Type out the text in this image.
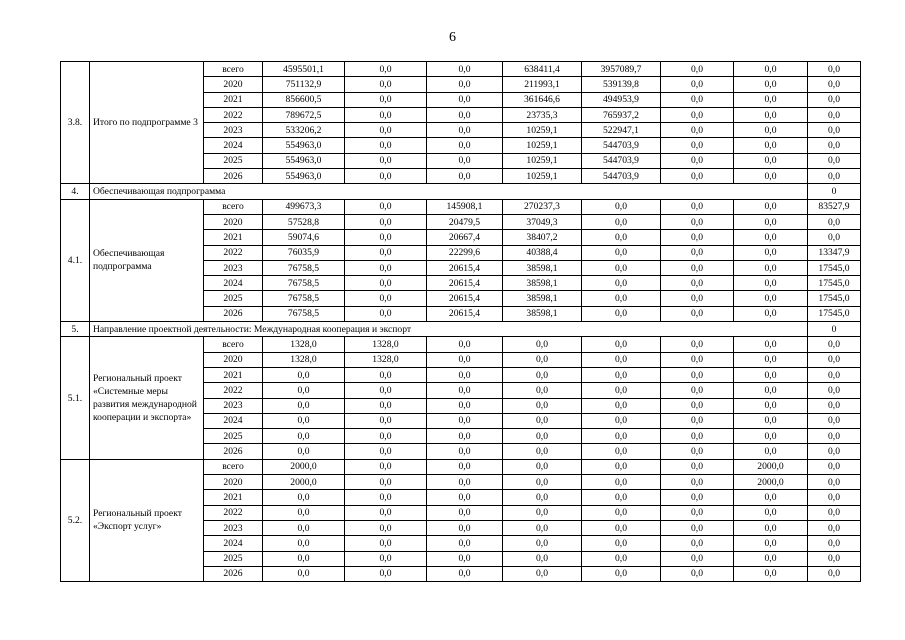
6
3.8.	Итого по подпрограмме 3	всего	4595501,1	0,0	0,0	638411,4	3957089,7	0,0	0,0	0,0
		2020	751132,9	0,0	0,0	211993,1	539139,8	0,0	0,0	0,0
		2021	856600,5	0,0	0,0	361646,6	494953,9	0,0	0,0	0,0
		2022	789672,5	0,0	0,0	23735,3	765937,2	0,0	0,0	0,0
		2023	533206,2	0,0	0,0	10259,1	522947,1	0,0	0,0	0,0
		2024	554963,0	0,0	0,0	10259,1	544703,9	0,0	0,0	0,0
		2025	554963,0	0,0	0,0	10259,1	544703,9	0,0	0,0	0,0
		2026	554963,0	0,0	0,0	10259,1	544703,9	0,0	0,0	0,0
4.	Обеспечивающая подпрограмма									0
4.1.	Обеспечивающая подпрограмма	всего	499673,3	0,0	145908,1	270237,3	0,0	0,0	0,0	83527,9
		2020	57528,8	0,0	20479,5	37049,3	0,0	0,0	0,0	0,0
		2021	59074,6	0,0	20667,4	38407,2	0,0	0,0	0,0	0,0
		2022	76035,9	0,0	22299,6	40388,4	0,0	0,0	0,0	13347,9
		2023	76758,5	0,0	20615,4	38598,1	0,0	0,0	0,0	17545,0
		2024	76758,5	0,0	20615,4	38598,1	0,0	0,0	0,0	17545,0
		2025	76758,5	0,0	20615,4	38598,1	0,0	0,0	0,0	17545,0
		2026	76758,5	0,0	20615,4	38598,1	0,0	0,0	0,0	17545,0
5.	Направление проектной деятельности: Международная кооперация и экспорт									0
5.1.	Региональный проект «Системные меры развития международной кооперации и экспорта»	всего	1328,0	1328,0	0,0	0,0	0,0	0,0	0,0	0,0
		2020	1328,0	1328,0	0,0	0,0	0,0	0,0	0,0	0,0
		2021	0,0	0,0	0,0	0,0	0,0	0,0	0,0	0,0
		2022	0,0	0,0	0,0	0,0	0,0	0,0	0,0	0,0
		2023	0,0	0,0	0,0	0,0	0,0	0,0	0,0	0,0
		2024	0,0	0,0	0,0	0,0	0,0	0,0	0,0	0,0
		2025	0,0	0,0	0,0	0,0	0,0	0,0	0,0	0,0
		2026	0,0	0,0	0,0	0,0	0,0	0,0	0,0	0,0
5.2.	Региональный проект «Экспорт услуг»	всего	2000,0	0,0	0,0	0,0	0,0	0,0	2000,0	0,0
		2020	2000,0	0,0	0,0	0,0	0,0	0,0	2000,0	0,0
		2021	0,0	0,0	0,0	0,0	0,0	0,0	0,0	0,0
		2022	0,0	0,0	0,0	0,0	0,0	0,0	0,0	0,0
		2023	0,0	0,0	0,0	0,0	0,0	0,0	0,0	0,0
		2024	0,0	0,0	0,0	0,0	0,0	0,0	0,0	0,0
		2025	0,0	0,0	0,0	0,0	0,0	0,0	0,0	0,0
		2026	0,0	0,0	0,0	0,0	0,0	0,0	0,0	0,0
